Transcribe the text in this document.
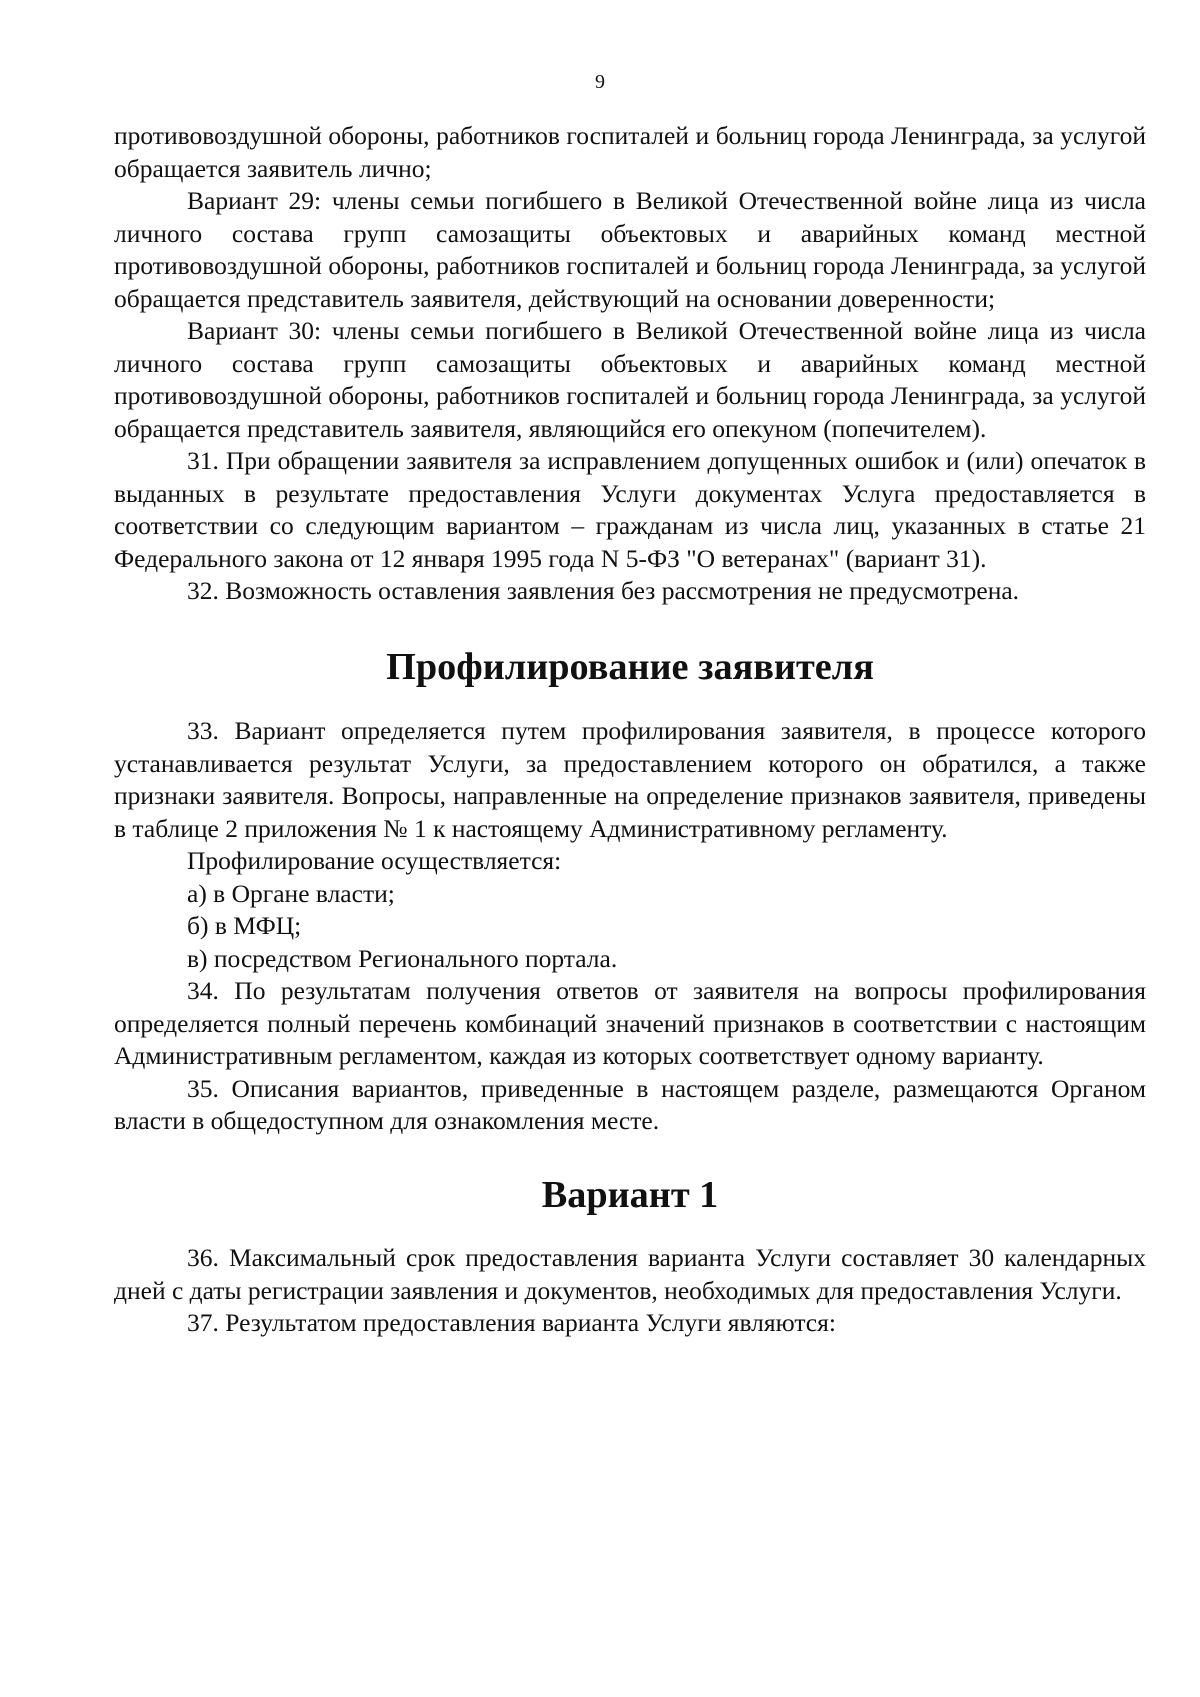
9

противовоздушной обороны, работников госпиталей и больниц города Ленинграда, за услугой обращается заявитель лично;

Вариант 29: члены семьи погибшего в Великой Отечественной войне лица из числа личного состава групп самозащиты объектовых и аварийных команд местной противовоздушной обороны, работников госпиталей и больниц города Ленинграда, за услугой обращается представитель заявителя, действующий на основании доверенности;

Вариант 30: члены семьи погибшего в Великой Отечественной войне лица из числа личного состава групп самозащиты объектовых и аварийных команд местной противовоздушной обороны, работников госпиталей и больниц города Ленинграда, за услугой обращается представитель заявителя, являющийся его опекуном (попечителем).

31. При обращении заявителя за исправлением допущенных ошибок и (или) опечаток в выданных в результате предоставления Услуги документах Услуга предоставляется в соответствии со следующим вариантом – гражданам из числа лиц, указанных в статье 21 Федерального закона от 12 января 1995 года N 5-ФЗ "О ветеранах" (вариант 31).

32. Возможность оставления заявления без рассмотрения не предусмотрена.

Профилирование заявителя

33. Вариант определяется путем профилирования заявителя, в процессе которого устанавливается результат Услуги, за предоставлением которого он обратился, а также признаки заявителя. Вопросы, направленные на определение признаков заявителя, приведены в таблице 2 приложения № 1 к настоящему Административному регламенту.

Профилирование осуществляется:

а) в Органе власти;

б) в МФЦ;

в) посредством Регионального портала.

34. По результатам получения ответов от заявителя на вопросы профилирования определяется полный перечень комбинаций значений признаков в соответствии с настоящим Административным регламентом, каждая из которых соответствует одному варианту.

35. Описания вариантов, приведенные в настоящем разделе, размещаются Органом власти в общедоступном для ознакомления месте.

Вариант 1

36. Максимальный срок предоставления варианта Услуги составляет 30 календарных дней с даты регистрации заявления и документов, необходимых для предоставления Услуги.

37. Результатом предоставления варианта Услуги являются:
